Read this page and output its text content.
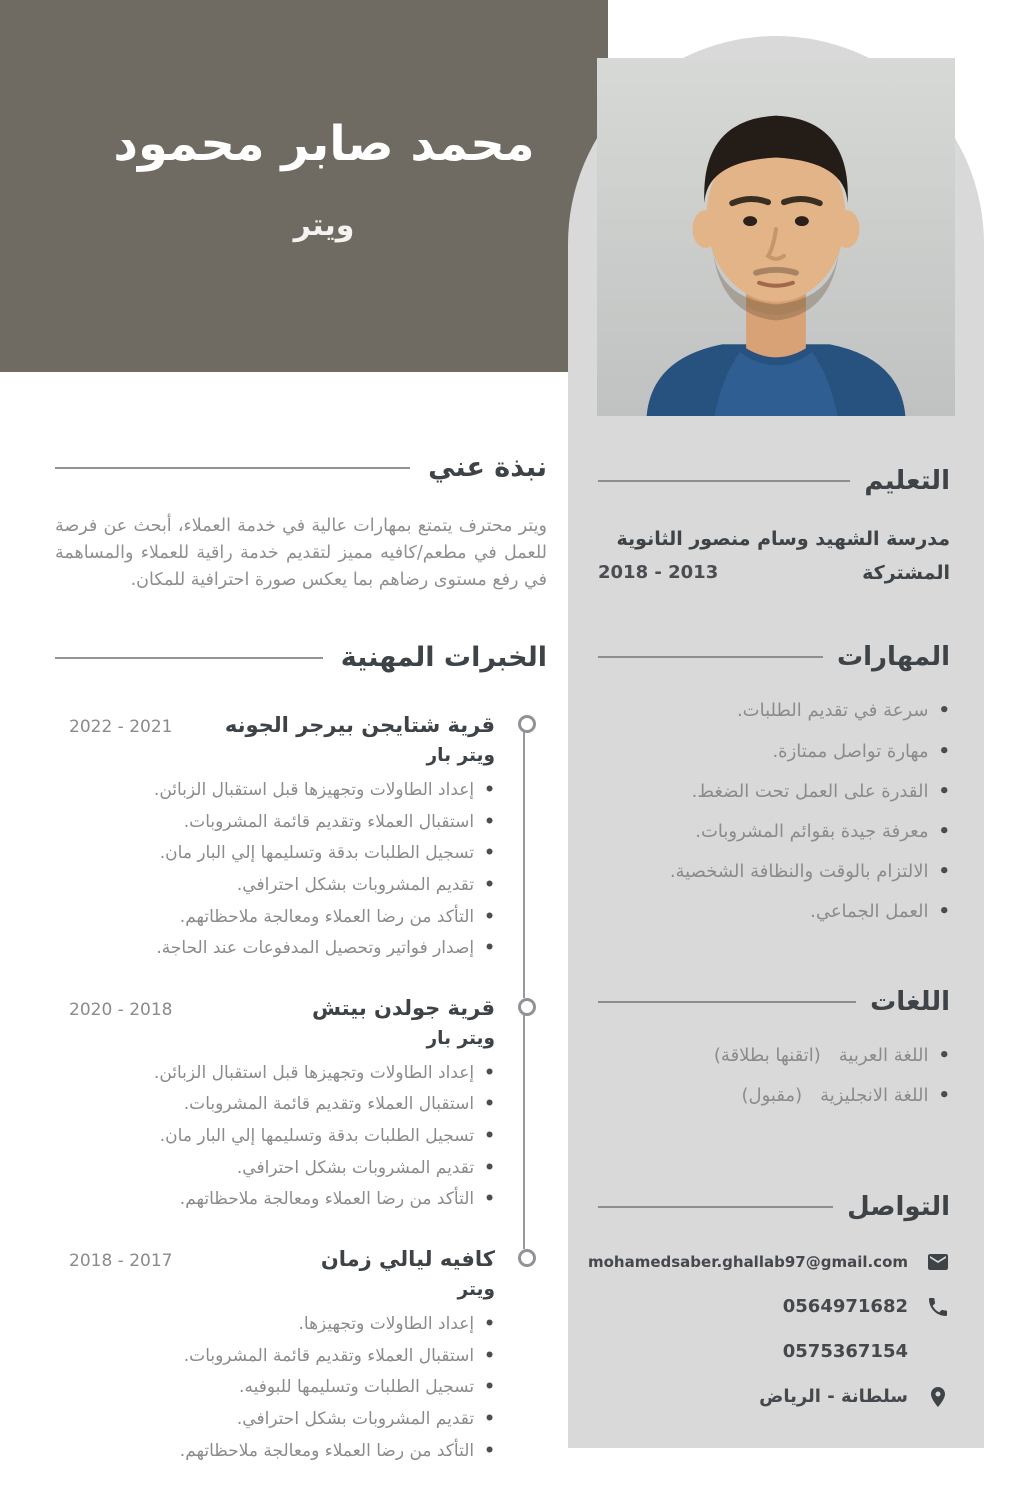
محمد صابر محمود
ويتر
التعليم
مدرسة الشهيد وسام منصور الثانوية
المشتركة
2013 - 2018
المهارات
•
سرعة في تقديم الطلبات.
•
مهارة تواصل ممتازة.
•
القدرة على العمل تحت الضغط.
•
معرفة جيدة بقوائم المشروبات.
•
الالتزام بالوقت والنظافة الشخصية.
•
العمل الجماعي.
اللغات
•
اللغة العربية
(اتقنها بطلاقة)
•
اللغة الانجليزية
(مقبول)
التواصل
mohamedsaber.ghallab97@gmail.com
0564971682
0575367154
سلطانة - الرياض
نبذة عني

ويتر محترف يتمتع بمهارات عالية في خدمة العملاء، أبحث عن فرصة للعمل في مطعم/كافيه مميز لتقديم خدمة راقية للعملاء والمساهمة في رفع مستوى رضاهم بما يعكس صورة احترافية للمكان.

الخبرات المهنية
قرية شتايجن بيرجر الجونه
2021 - 2022
ويتر بار
•
إعداد الطاولات وتجهيزها قبل استقبال الزبائن.
•
استقبال العملاء وتقديم قائمة المشروبات.
•
تسجيل الطلبات بدقة وتسليمها إلي البار مان.
•
تقديم المشروبات بشكل احترافي.
•
التأكد من رضا العملاء ومعالجة ملاحظاتهم.
•
إصدار فواتير وتحصيل المدفوعات عند الحاجة.
قرية جولدن بيتش
2018 - 2020
ويتر بار
•
إعداد الطاولات وتجهيزها قبل استقبال الزبائن.
•
استقبال العملاء وتقديم قائمة المشروبات.
•
تسجيل الطلبات بدقة وتسليمها إلي البار مان.
•
تقديم المشروبات بشكل احترافي.
•
التأكد من رضا العملاء ومعالجة ملاحظاتهم.
كافيه ليالي زمان
2017 - 2018
ويتر
•
إعداد الطاولات وتجهيزها.
•
استقبال العملاء وتقديم قائمة المشروبات.
•
تسجيل الطلبات وتسليمها للبوفيه.
•
تقديم المشروبات بشكل احترافي.
•
التأكد من رضا العملاء ومعالجة ملاحظاتهم.
